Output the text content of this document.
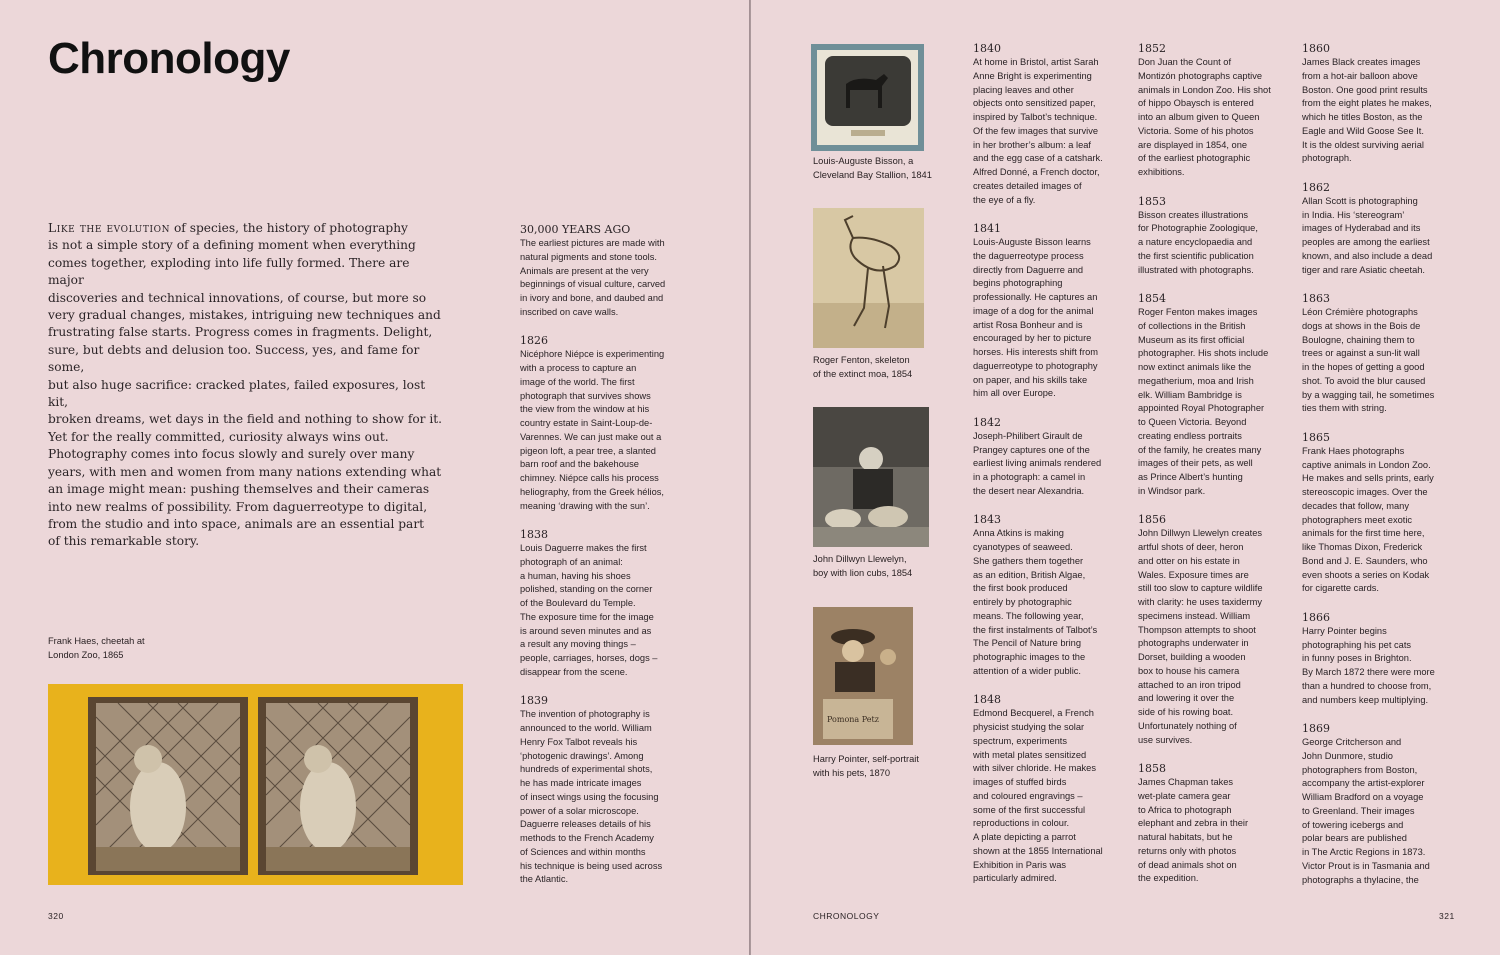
Chronology
Like the evolution of species, the history of photography
is not a simple story of a defining moment when everything
comes together, exploding into life fully formed. There are major
discoveries and technical innovations, of course, but more so
very gradual changes, mistakes, intriguing new techniques and
frustrating false starts. Progress comes in fragments. Delight,
sure, but debts and delusion too. Success, yes, and fame for some,
but also huge sacrifice: cracked plates, failed exposures, lost kit,
broken dreams, wet days in the field and nothing to show for it.
Yet for the really committed, curiosity always wins out.
Photography comes into focus slowly and surely over many
years, with men and women from many nations extending what
an image might mean: pushing themselves and their cameras
into new realms of possibility. From daguerreotype to digital,
from the studio and into space, animals are an essential part
of this remarkable story.
Frank Haes, cheetah at
London Zoo, 1865
Louis-Auguste Bisson, a
Cleveland Bay Stallion, 1841
Roger Fenton, skeleton
of the extinct moa, 1854
John Dillwyn Llewelyn,
boy with lion cubs, 1854
Pomona Petz
Harry Pointer, self-portrait
with his pets, 1870
30,000 YEARS AGO

The earliest pictures are made with
natural pigments and stone tools.
Animals are present at the very
beginnings of visual culture, carved
in ivory and bone, and daubed and
inscribed on cave walls.

1826

Nicéphore Niépce is experimenting
with a process to capture an
image of the world. The first
photograph that survives shows
the view from the window at his
country estate in Saint-Loup-de-
Varennes. We can just make out a
pigeon loft, a pear tree, a slanted
barn roof and the bakehouse
chimney. Niépce calls his process
heliography, from the Greek hélios,
meaning ‘drawing with the sun’.

1838

Louis Daguerre makes the first
photograph of an animal:
a human, having his shoes
polished, standing on the corner
of the Boulevard du Temple.
The exposure time for the image
is around seven minutes and as
a result any moving things –
people, carriages, horses, dogs –
disappear from the scene.

1839

The invention of photography is
announced to the world. William
Henry Fox Talbot reveals his
‘photogenic drawings’. Among
hundreds of experimental shots,
he has made intricate images
of insect wings using the focusing
power of a solar microscope.
Daguerre releases details of his
methods to the French Academy
of Sciences and within months
his technique is being used across
the Atlantic.

1840

At home in Bristol, artist Sarah
Anne Bright is experimenting
placing leaves and other
objects onto sensitized paper,
inspired by Talbot’s technique.
Of the few images that survive
in her brother’s album: a leaf
and the egg case of a catshark.
Alfred Donné, a French doctor,
creates detailed images of
the eye of a fly.

1841

Louis-Auguste Bisson learns
the daguerreotype process
directly from Daguerre and
begins photographing
professionally. He captures an
image of a dog for the animal
artist Rosa Bonheur and is
encouraged by her to picture
horses. His interests shift from
daguerreotype to photography
on paper, and his skills take
him all over Europe.

1842

Joseph-Philibert Girault de
Prangey captures one of the
earliest living animals rendered
in a photograph: a camel in
the desert near Alexandria.

1843

Anna Atkins is making
cyanotypes of seaweed.
She gathers them together
as an edition, British Algae,
the first book produced
entirely by photographic
means. The following year,
the first instalments of Talbot’s
The Pencil of Nature bring
photographic images to the
attention of a wider public.

1848

Edmond Becquerel, a French
physicist studying the solar
spectrum, experiments
with metal plates sensitized
with silver chloride. He makes
images of stuffed birds
and coloured engravings –
some of the first successful
reproductions in colour.
A plate depicting a parrot
shown at the 1855 International
Exhibition in Paris was
particularly admired.

1852

Don Juan the Count of
Montizón photographs captive
animals in London Zoo. His shot
of hippo Obaysch is entered
into an album given to Queen
Victoria. Some of his photos
are displayed in 1854, one
of the earliest photographic
exhibitions.

1853

Bisson creates illustrations
for Photographie Zoologique,
a nature encyclopaedia and
the first scientific publication
illustrated with photographs.

1854

Roger Fenton makes images
of collections in the British
Museum as its first official
photographer. His shots include
now extinct animals like the
megatherium, moa and Irish
elk. William Bambridge is
appointed Royal Photographer
to Queen Victoria. Beyond
creating endless portraits
of the family, he creates many
images of their pets, as well
as Prince Albert’s hunting
in Windsor park.

1856

John Dillwyn Llewelyn creates
artful shots of deer, heron
and otter on his estate in
Wales. Exposure times are
still too slow to capture wildlife
with clarity: he uses taxidermy
specimens instead. William
Thompson attempts to shoot
photographs underwater in
Dorset, building a wooden
box to house his camera
attached to an iron tripod
and lowering it over the
side of his rowing boat.
Unfortunately nothing of
use survives.

1858

James Chapman takes
wet-plate camera gear
to Africa to photograph
elephant and zebra in their
natural habitats, but he
returns only with photos
of dead animals shot on
the expedition.

1860

James Black creates images
from a hot-air balloon above
Boston. One good print results
from the eight plates he makes,
which he titles Boston, as the
Eagle and Wild Goose See It.
It is the oldest surviving aerial
photograph.

1862

Allan Scott is photographing
in India. His ‘stereogram’
images of Hyderabad and its
peoples are among the earliest
known, and also include a dead
tiger and rare Asiatic cheetah.

1863

Léon Crémière photographs
dogs at shows in the Bois de
Boulogne, chaining them to
trees or against a sun-lit wall
in the hopes of getting a good
shot. To avoid the blur caused
by a wagging tail, he sometimes
ties them with string.

1865

Frank Haes photographs
captive animals in London Zoo.
He makes and sells prints, early
stereoscopic images. Over the
decades that follow, many
photographers meet exotic
animals for the first time here,
like Thomas Dixon, Frederick
Bond and J. E. Saunders, who
even shoots a series on Kodak
for cigarette cards.

1866

Harry Pointer begins
photographing his pet cats
in funny poses in Brighton.
By March 1872 there were more
than a hundred to choose from,
and numbers keep multiplying.

1869

George Critcherson and
John Dunmore, studio
photographers from Boston,
accompany the artist-explorer
William Bradford on a voyage
to Greenland. Their images
of towering icebergs and
polar bears are published
in The Arctic Regions in 1873.
Victor Prout is in Tasmania and
photographs a thylacine, the

320	CHRONOLOGY	321
